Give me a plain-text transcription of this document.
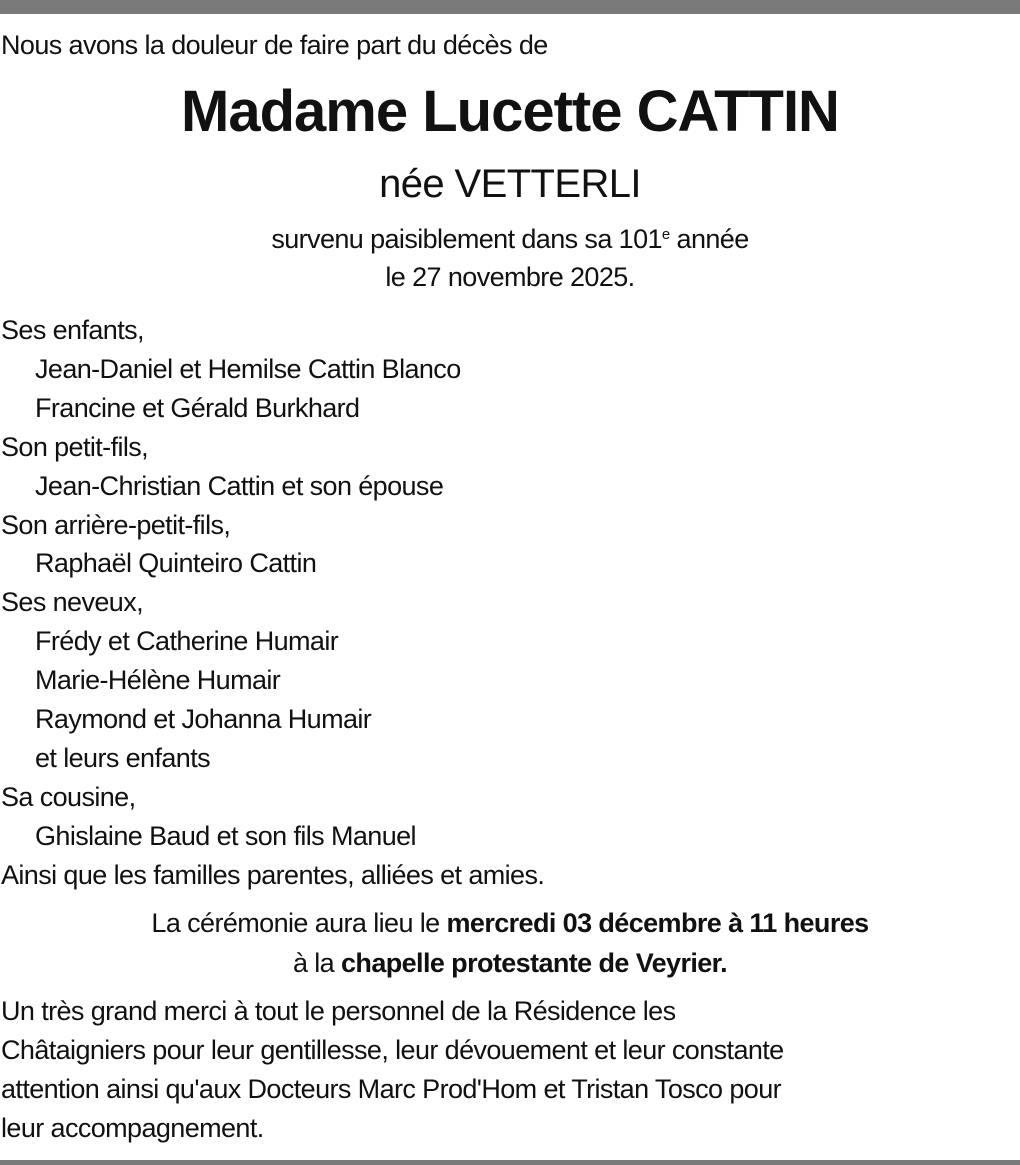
Nous avons la douleur de faire part du décès de
Madame Lucette CATTIN
née VETTERLI
survenu paisiblement dans sa 101e année
le 27 novembre 2025.
Ses enfants,
Jean-Daniel et Hemilse Cattin Blanco
Francine et Gérald Burkhard
Son petit-fils,
Jean-Christian Cattin et son épouse
Son arrière-petit-fils,
Raphaël Quinteiro Cattin
Ses neveux,
Frédy et Catherine Humair
Marie-Hélène Humair
Raymond et Johanna Humair
et leurs enfants
Sa cousine,
Ghislaine Baud et son fils Manuel
Ainsi que les familles parentes, alliées et amies.
La cérémonie aura lieu le mercredi 03 décembre à 11 heures
à la chapelle protestante de Veyrier.
Un très grand merci à tout le personnel de la Résidence les
Châtaigniers pour leur gentillesse, leur dévouement et leur constante
attention ainsi qu'aux Docteurs Marc Prod'Hom et Tristan Tosco pour
leur accompagnement.
